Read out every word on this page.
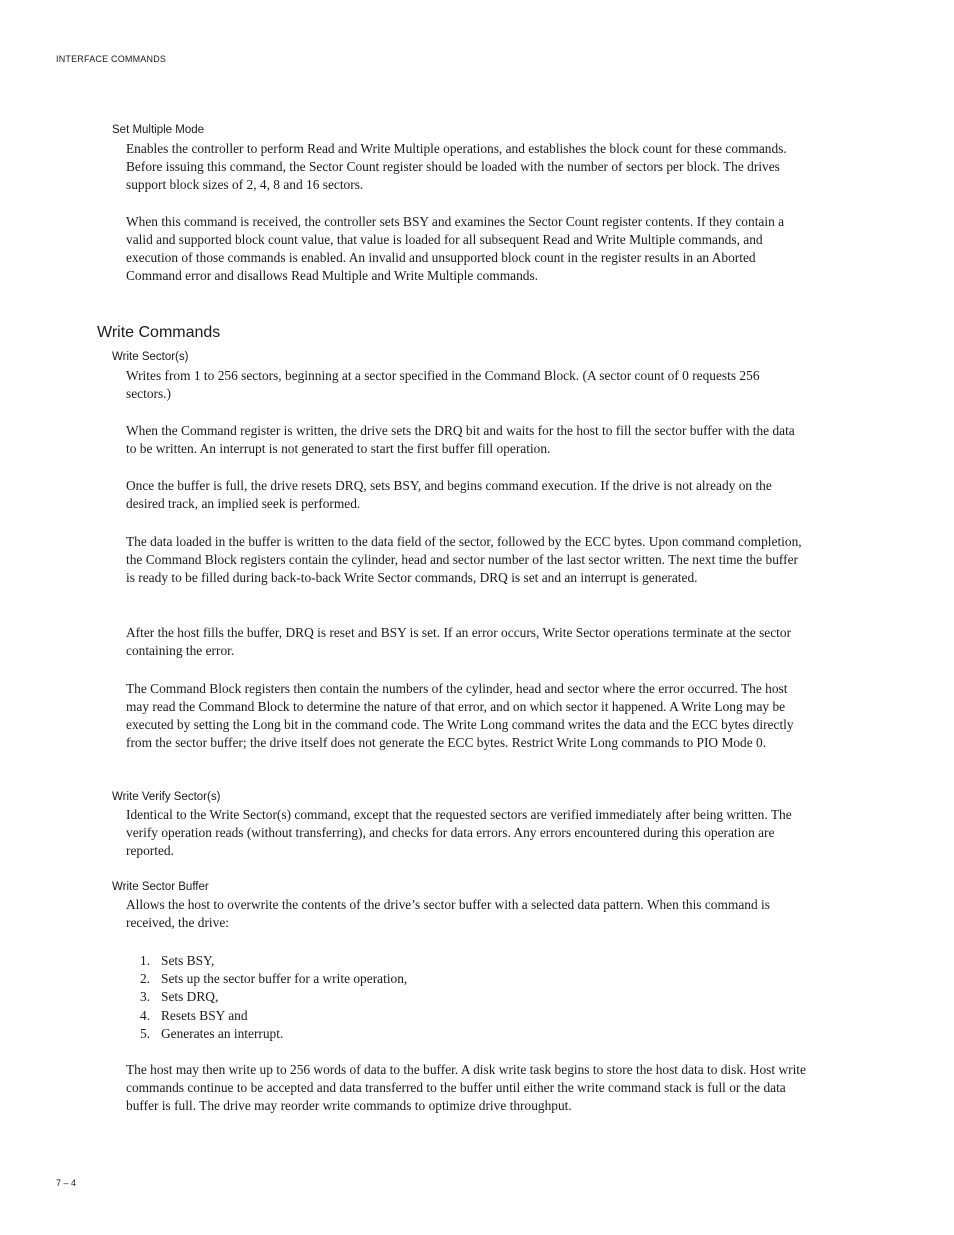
INTERFACE COMMANDS
Set Multiple Mode

Enables the controller to perform Read and Write Multiple operations, and establishes the block count for these commands. Before issuing this command, the Sector Count register should be loaded with the number of sectors per block. The drives support block sizes of 2, 4, 8 and 16 sectors.

When this command is received, the controller sets BSY and examines the Sector Count register contents. If they contain a valid and supported block count value, that value is loaded for all subsequent Read and Write Multiple commands, and execution of those commands is enabled. An invalid and unsupported block count in the register results in an Aborted Command error and disallows Read Multiple and Write Multiple commands.

Write Commands
Write Sector(s)

Writes from 1 to 256 sectors, beginning at a sector specified in the Command Block. (A sector count of 0 requests 256 sectors.)

When the Command register is written, the drive sets the DRQ bit and waits for the host to fill the sector buffer with the data to be written. An interrupt is not generated to start the first buffer fill operation.

Once the buffer is full, the drive resets DRQ, sets BSY, and begins command execution. If the drive is not already on the desired track, an implied seek is performed.

The data loaded in the buffer is written to the data field of the sector, followed by the ECC bytes. Upon command completion, the Command Block registers contain the cylinder, head and sector number of the last sector written. The next time the buffer is ready to be filled during back-to-back Write Sector commands, DRQ is set and an interrupt is generated.

After the host fills the buffer, DRQ is reset and BSY is set. If an error occurs, Write Sector operations terminate at the sector containing the error.

The Command Block registers then contain the numbers of the cylinder, head and sector where the error occurred. The host may read the Command Block to determine the nature of that error, and on which sector it happened. A Write Long may be executed by setting the Long bit in the command code. The Write Long command writes the data and the ECC bytes directly from the sector buffer; the drive itself does not generate the ECC bytes. Restrict Write Long commands to PIO Mode 0.

Write Verify Sector(s)

Identical to the Write Sector(s) command, except that the requested sectors are verified immediately after being written. The verify operation reads (without transferring), and checks for data errors. Any errors encountered during this operation are reported.

Write Sector Buffer

Allows the host to overwrite the contents of the drive’s sector buffer with a selected data pattern. When this command is received, the drive:

1. Sets BSY,
2. Sets up the sector buffer for a write operation,
3. Sets DRQ,
4. Resets BSY and
5. Generates an interrupt.

The host may then write up to 256 words of data to the buffer. A disk write task begins to store the host data to disk. Host write commands continue to be accepted and data transferred to the buffer until either the write command stack is full or the data buffer is full. The drive may reorder write commands to optimize drive throughput.

7 – 4
